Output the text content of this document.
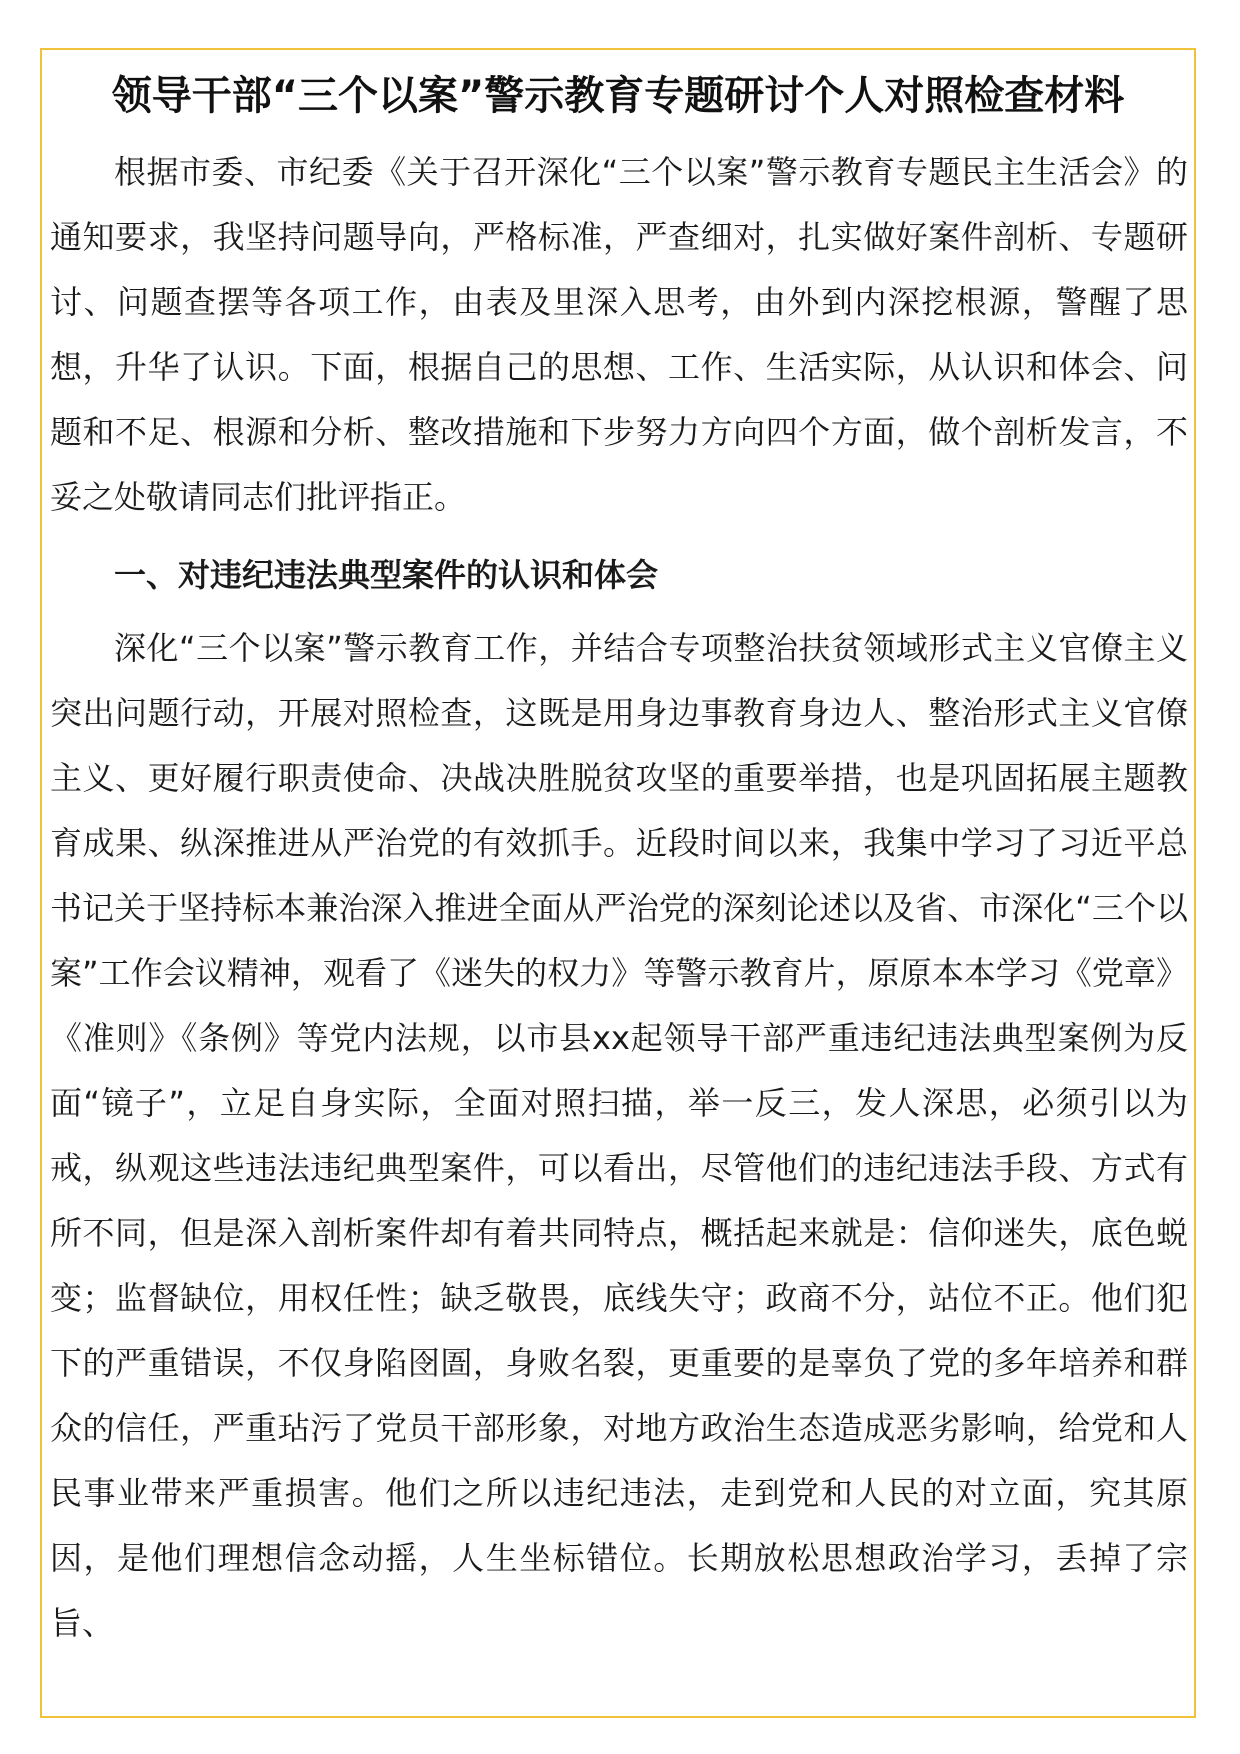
领导干部“三个以案”警示教育专题研讨个人对照检查材料

根据市委、市纪委《关于召开深化“三个以案”警示教育专题民主生活会》的通知要求，我坚持问题导向，严格标准，严查细对，扎实做好案件剖析、专题研讨、问题查摆等各项工作，由表及里深入思考，由外到内深挖根源，警醒了思想，升华了认识。下面，根据自己的思想、工作、生活实际，从认识和体会、问题和不足、根源和分析、整改措施和下步努力方向四个方面，做个剖析发言，不妥之处敬请同志们批评指正。

一、对违纪违法典型案件的认识和体会

深化“三个以案”警示教育工作，并结合专项整治扶贫领域形式主义官僚主义突出问题行动，开展对照检查，这既是用身边事教育身边人、整治形式主义官僚主义、更好履行职责使命、决战决胜脱贫攻坚的重要举措，也是巩固拓展主题教育成果、纵深推进从严治党的有效抓手。近段时间以来，我集中学习了习近平总书记关于坚持标本兼治深入推进全面从严治党的深刻论述以及省、市深化“三个以案”工作会议精神，观看了《迷失的权力》等警示教育片，原原本本学习《党章》《准则》《条例》等党内法规，以市县xx起领导干部严重违纪违法典型案例为反面“镜子”，立足自身实际，全面对照扫描，举一反三，发人深思，必须引以为戒，纵观这些违法违纪典型案件，可以看出，尽管他们的违纪违法手段、方式有所不同，但是深入剖析案件却有着共同特点，概括起来就是：信仰迷失，底色蜕变；监督缺位，用权任性；缺乏敬畏，底线失守；政商不分，站位不正。他们犯下的严重错误，不仅身陷囹圄，身败名裂，更重要的是辜负了党的多年培养和群众的信任，严重玷污了党员干部形象，对地方政治生态造成恶劣影响，给党和人民事业带来严重损害。他们之所以违纪违法，走到党和人民的对立面，究其原因，是他们理想信念动摇，人生坐标错位。长期放松思想政治学习，丢掉了宗旨、
